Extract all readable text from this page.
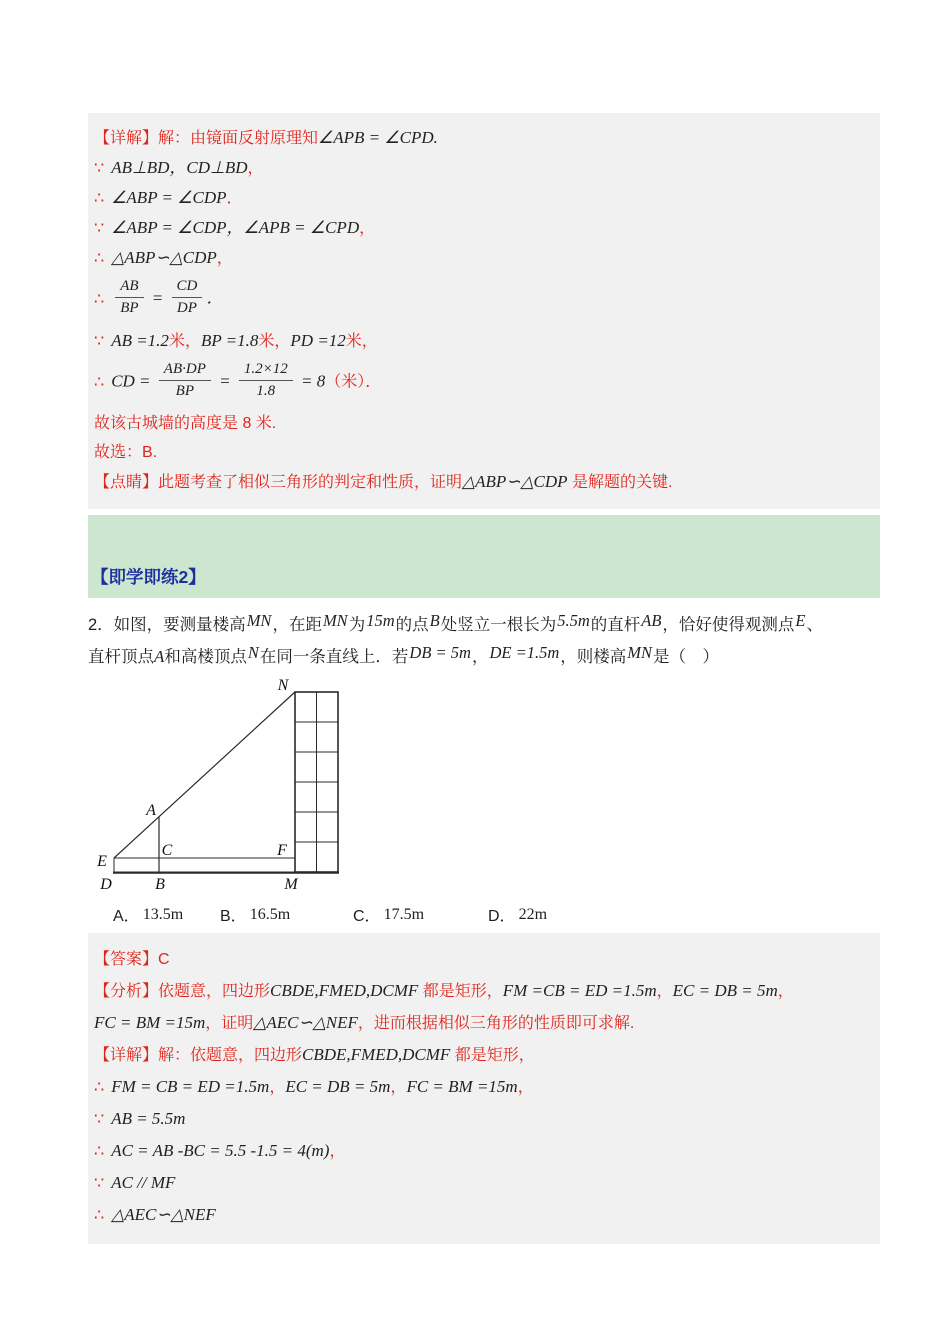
【详解】解：由镜面反射原理知∠APB = ∠CPD.
∵ AB⊥BD，CD⊥BD，
∴ ∠ABP = ∠CDP．
∵ ∠ABP = ∠CDP，∠APB = ∠CPD，
∴ △ABP∽△CDP，
∴ $\frac{AB}{BP} = \frac{CD}{DP}$ ．
∵ AB =1.2米，BP =1.8米，PD =12米，
∴ CD = $\frac{AB\cdot DP}{BP} = \frac{1.2\times 12}{1.8} = 8$（米）．
故该古城墙的高度是 8 米.
故选：B.
【点睛】此题考查了相似三角形的判定和性质，证明△ABP∽△CDP 是解题的关键.
【即学即练2】
2．如图，要测量楼高MN，在距MN为15m的点B处竖立一根长为5.5m的直杆AB，恰好使得观测点E、
直杆顶点A和高楼顶点N在同一条直线上．若DB = 5m，DE =1.5m，则楼高MN是（　）
N
A
C
E
D	B
F
M
A． 13.5m	B． 16.5m	C． 17.5m	D． 22m
【答案】C
【分析】依题意，四边形CBDE,FMED,DCMF 都是矩形，FM =CB = ED =1.5m，EC = DB = 5m，
FC = BM =15m，证明△AEC∽△NEF，进而根据相似三角形的性质即可求解.
【详解】解：依题意，四边形CBDE,FMED,DCMF 都是矩形，
∴ FM = CB = ED =1.5m，EC = DB = 5m，FC = BM =15m，
∵ AB = 5.5m
∴ AC = AB -BC = 5.5 -1.5 = 4(m)，
∵ AC // MF
∴ △AEC∽△NEF
